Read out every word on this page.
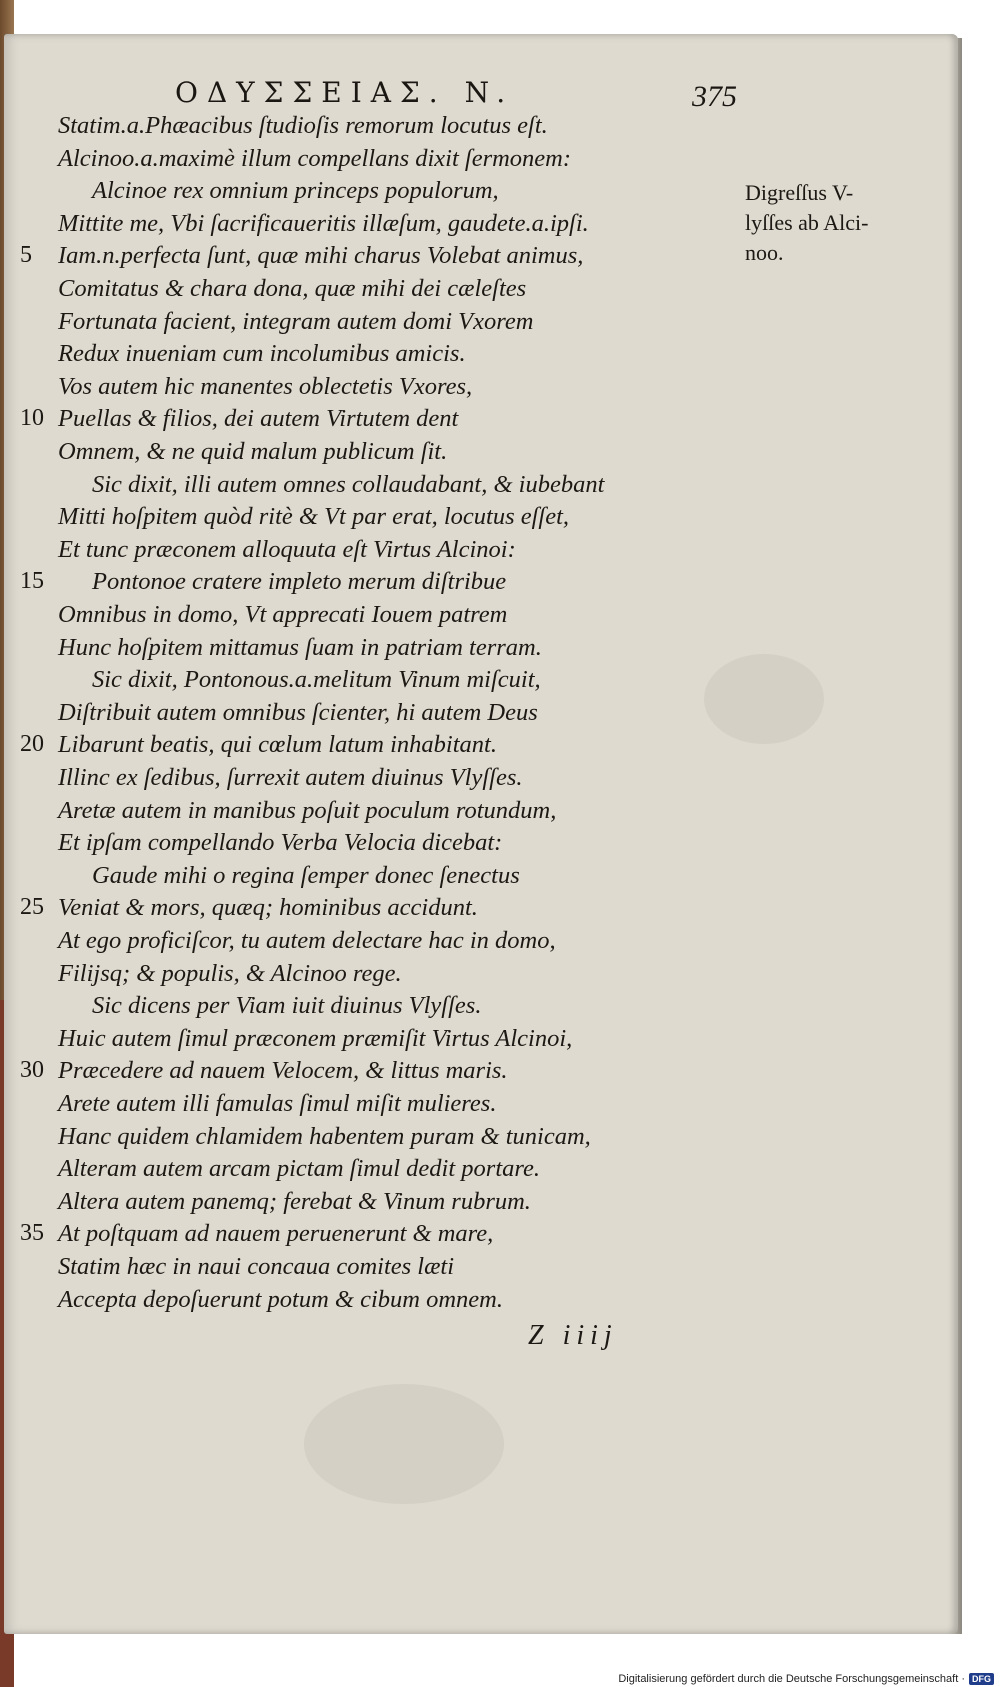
ΟΔΥΣΣΕΙΑΣ. N.	375
Statim.a.Phæacibus ſtudioſis remorum locutus eſt.
Alcinoo.a.maximè illum compellans dixit ſermonem:
Alcinoe rex omnium princeps populorum,
Mittite me, Vbi ſacrificaueritis illæſum, gaudete.a.ipſi.
Iam.n.perfecta ſunt, quæ mihi charus Volebat animus,
5
Comitatus & chara dona, quæ mihi dei cæleſtes
Fortunata facient, integram autem domi Vxorem
Redux inueniam cum incolumibus amicis.
Vos autem hic manentes oblectetis Vxores,
Puellas & filios, dei autem Virtutem dent
10
Omnem, & ne quid malum publicum ſit.
Sic dixit, illi autem omnes collaudabant, & iubebant
Mitti hoſpitem quòd ritè & Vt par erat, locutus eſſet,
Et tunc præconem alloquuta eſt Virtus Alcinoi:
Pontonoe cratere impleto merum diſtribue
15
Omnibus in domo, Vt apprecati Iouem patrem
Hunc hoſpitem mittamus ſuam in patriam terram.
Sic dixit, Pontonous.a.melitum Vinum miſcuit,
Diſtribuit autem omnibus ſcienter, hi autem Deus
Libarunt beatis, qui cœlum latum inhabitant.
20
Illinc ex ſedibus, ſurrexit autem diuinus Vlyſſes.
Aretæ autem in manibus poſuit poculum rotundum,
Et ipſam compellando Verba Velocia dicebat:
Gaude mihi o regina ſemper donec ſenectus
Veniat & mors, quæq; hominibus accidunt.
25
At ego proficiſcor, tu autem delectare hac in domo,
Filijsq; & populis, & Alcinoo rege.
Sic dicens per Viam iuit diuinus Vlyſſes.
Huic autem ſimul præconem præmiſit Virtus Alcinoi,
Præcedere ad nauem Velocem, & littus maris.
30
Arete autem illi famulas ſimul miſit mulieres.
Hanc quidem chlamidem habentem puram & tunicam,
Alteram autem arcam pictam ſimul dedit portare.
Altera autem panemq; ferebat & Vinum rubrum.
At poſtquam ad nauem peruenerunt & mare,
35
Statim hæc in naui concaua comites læti
Accepta depoſuerunt potum & cibum omnem.
Digreſſus V-
lyſſes ab Alci-
noo.
Z iiij
Digitalisierung gefördert durch die Deutsche Forschungsgemeinschaft · DFG
